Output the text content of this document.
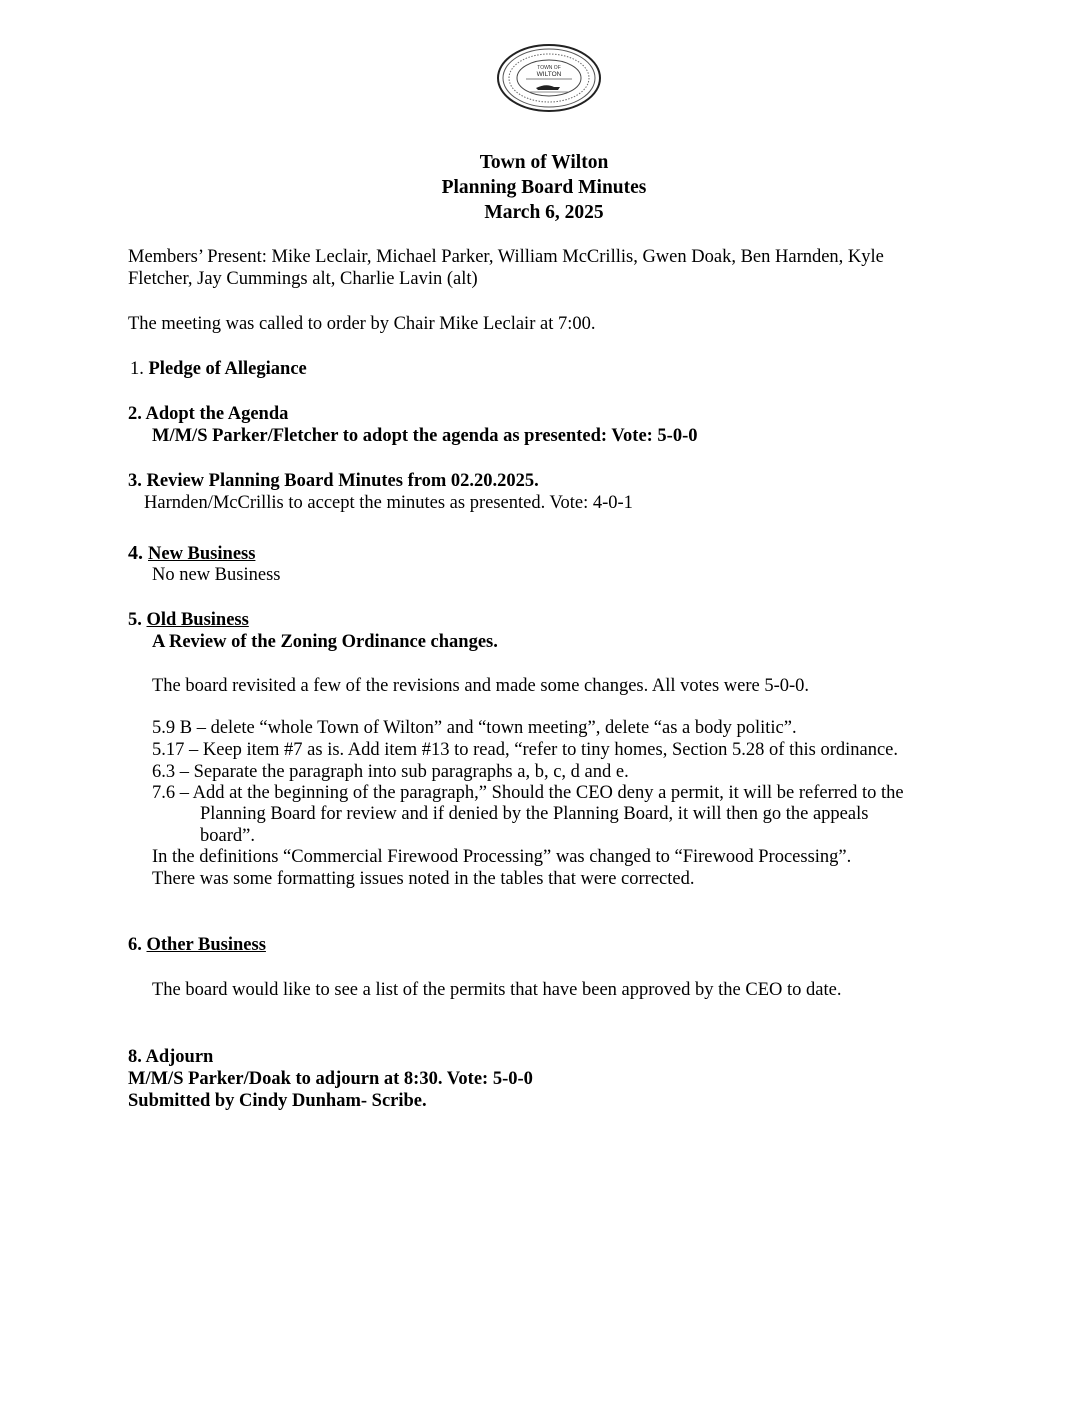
TOWN OF
WILTON
Town of Wilton
Planning Board Minutes
March 6, 2025
Members’ Present: Mike Leclair, Michael Parker, William McCrillis, Gwen Doak, Ben Harnden, Kyle
Fletcher, Jay Cummings alt, Charlie Lavin (alt)
The meeting was called to order by Chair Mike Leclair at 7:00.
1. Pledge of Allegiance
2. Adopt the Agenda
M/M/S Parker/Fletcher to adopt the agenda as presented: Vote: 5-0-0
3. Review Planning Board Minutes from 02.20.2025.
Harnden/McCrillis to accept the minutes as presented. Vote: 4-0-1
4. New Business
No new Business
5. Old Business
A Review of the Zoning Ordinance changes.
The board revisited a few of the revisions and made some changes. All votes were 5-0-0.
5.9 B – delete “whole Town of Wilton” and “town meeting”, delete “as a body politic”.
5.17 – Keep item #7 as is. Add item #13 to read, “refer to tiny homes, Section 5.28 of this ordinance.
6.3 – Separate the paragraph into sub paragraphs a, b, c, d and e.
7.6 – Add at the beginning of the paragraph,” Should the CEO deny a permit, it will be referred to the
Planning Board for review and if denied by the Planning Board, it will then go the appeals
board”.
In the definitions “Commercial Firewood Processing” was changed to “Firewood Processing”.
There was some formatting issues noted in the tables that were corrected.
6. Other Business
The board would like to see a list of the permits that have been approved by the CEO to date.
8. Adjourn
M/M/S Parker/Doak to adjourn at 8:30. Vote: 5-0-0
Submitted by Cindy Dunham- Scribe.
